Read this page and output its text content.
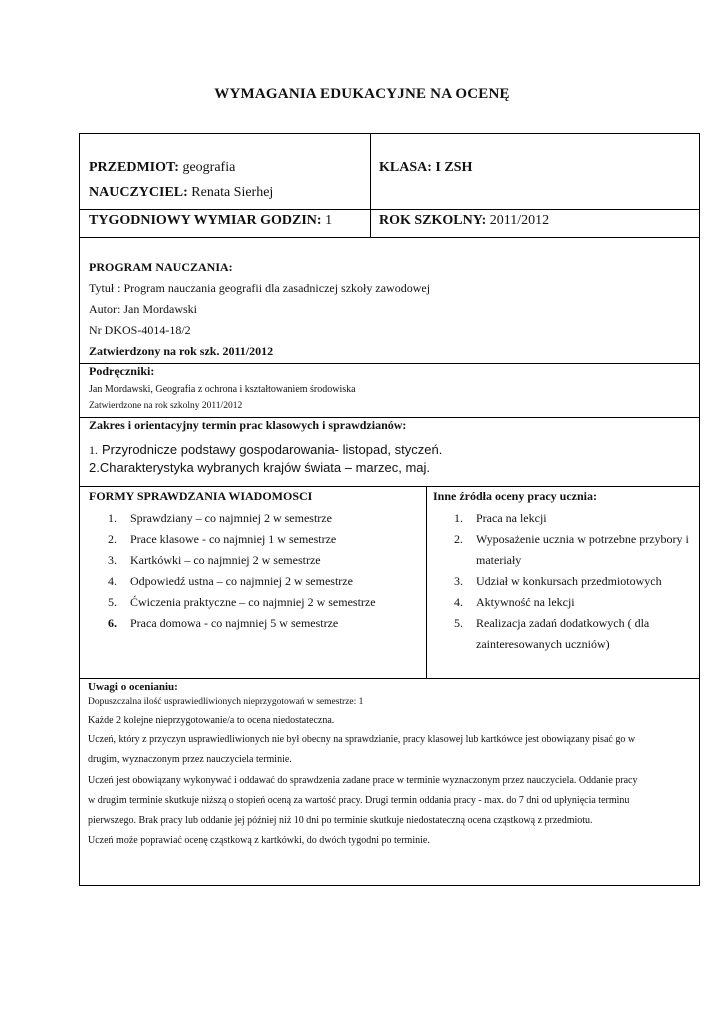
WYMAGANIA EDUKACYJNE NA OCENĘ
PRZEDMIOT: geografia
NAUCZYCIEL: Renata Sierhej
KLASA: I ZSH
TYGODNIOWY WYMIAR GODZIN: 1	ROK SZKOLNY: 2011/2012
PROGRAM NAUCZANIA:
Tytuł : Program nauczania geografii dla zasadniczej szkoły zawodowej
Autor: Jan Mordawski
Nr DKOS-4014-18/2
Zatwierdzony na rok szk. 2011/2012
Podręczniki:
Jan Mordawski, Geografia z ochrona i kształtowaniem środowiska
Zatwierdzone na rok szkolny 2011/2012
Zakres i orientacyjny termin prac klasowych i sprawdzianów:
1. Przyrodnicze podstawy gospodarowania- listopad, styczeń.
2.Charakterystyka wybranych krajów świata – marzec, maj.
FORMY SPRAWDZANIA WIADOMOSCI
1. Sprawdziany – co najmniej 2 w semestrze
2. Prace klasowe - co najmniej 1 w semestrze
3. Kartkówki – co najmniej 2 w semestrze
4. Odpowiedź ustna – co najmniej 2 w semestrze
5. Ćwiczenia praktyczne – co najmniej 2 w semestrze
6. Praca domowa - co najmniej 5 w semestrze
Inne źródła oceny pracy ucznia:
1. Praca na lekcji
2. Wyposażenie ucznia w potrzebne przybory i
materiały
3. Udział w konkursach przedmiotowych
4. Aktywność na lekcji
5. Realizacja zadań dodatkowych ( dla
zainteresowanych uczniów)
Uwagi o ocenianiu:
Dopuszczalna ilość usprawiedliwionych nieprzygotowań w semestrze: 1
Każde 2 kolejne nieprzygotowanie/a to ocena niedostateczna.
Uczeń, który z przyczyn usprawiedliwionych nie był obecny na sprawdzianie, pracy klasowej lub kartkówce jest obowiązany pisać go w
drugim, wyznaczonym przez nauczyciela terminie.
Uczeń jest obowiązany wykonywać i oddawać do sprawdzenia zadane prace w terminie wyznaczonym przez nauczyciela. Oddanie pracy
w drugim terminie skutkuje niższą o stopień oceną za wartość pracy. Drugi termin oddania pracy - max. do 7 dni od upłynięcia terminu
pierwszego. Brak pracy lub oddanie jej później niż 10 dni po terminie skutkuje niedostateczną ocena cząstkową z przedmiotu.
Uczeń może poprawiać ocenę cząstkową z kartkówki, do dwóch tygodni po terminie.
